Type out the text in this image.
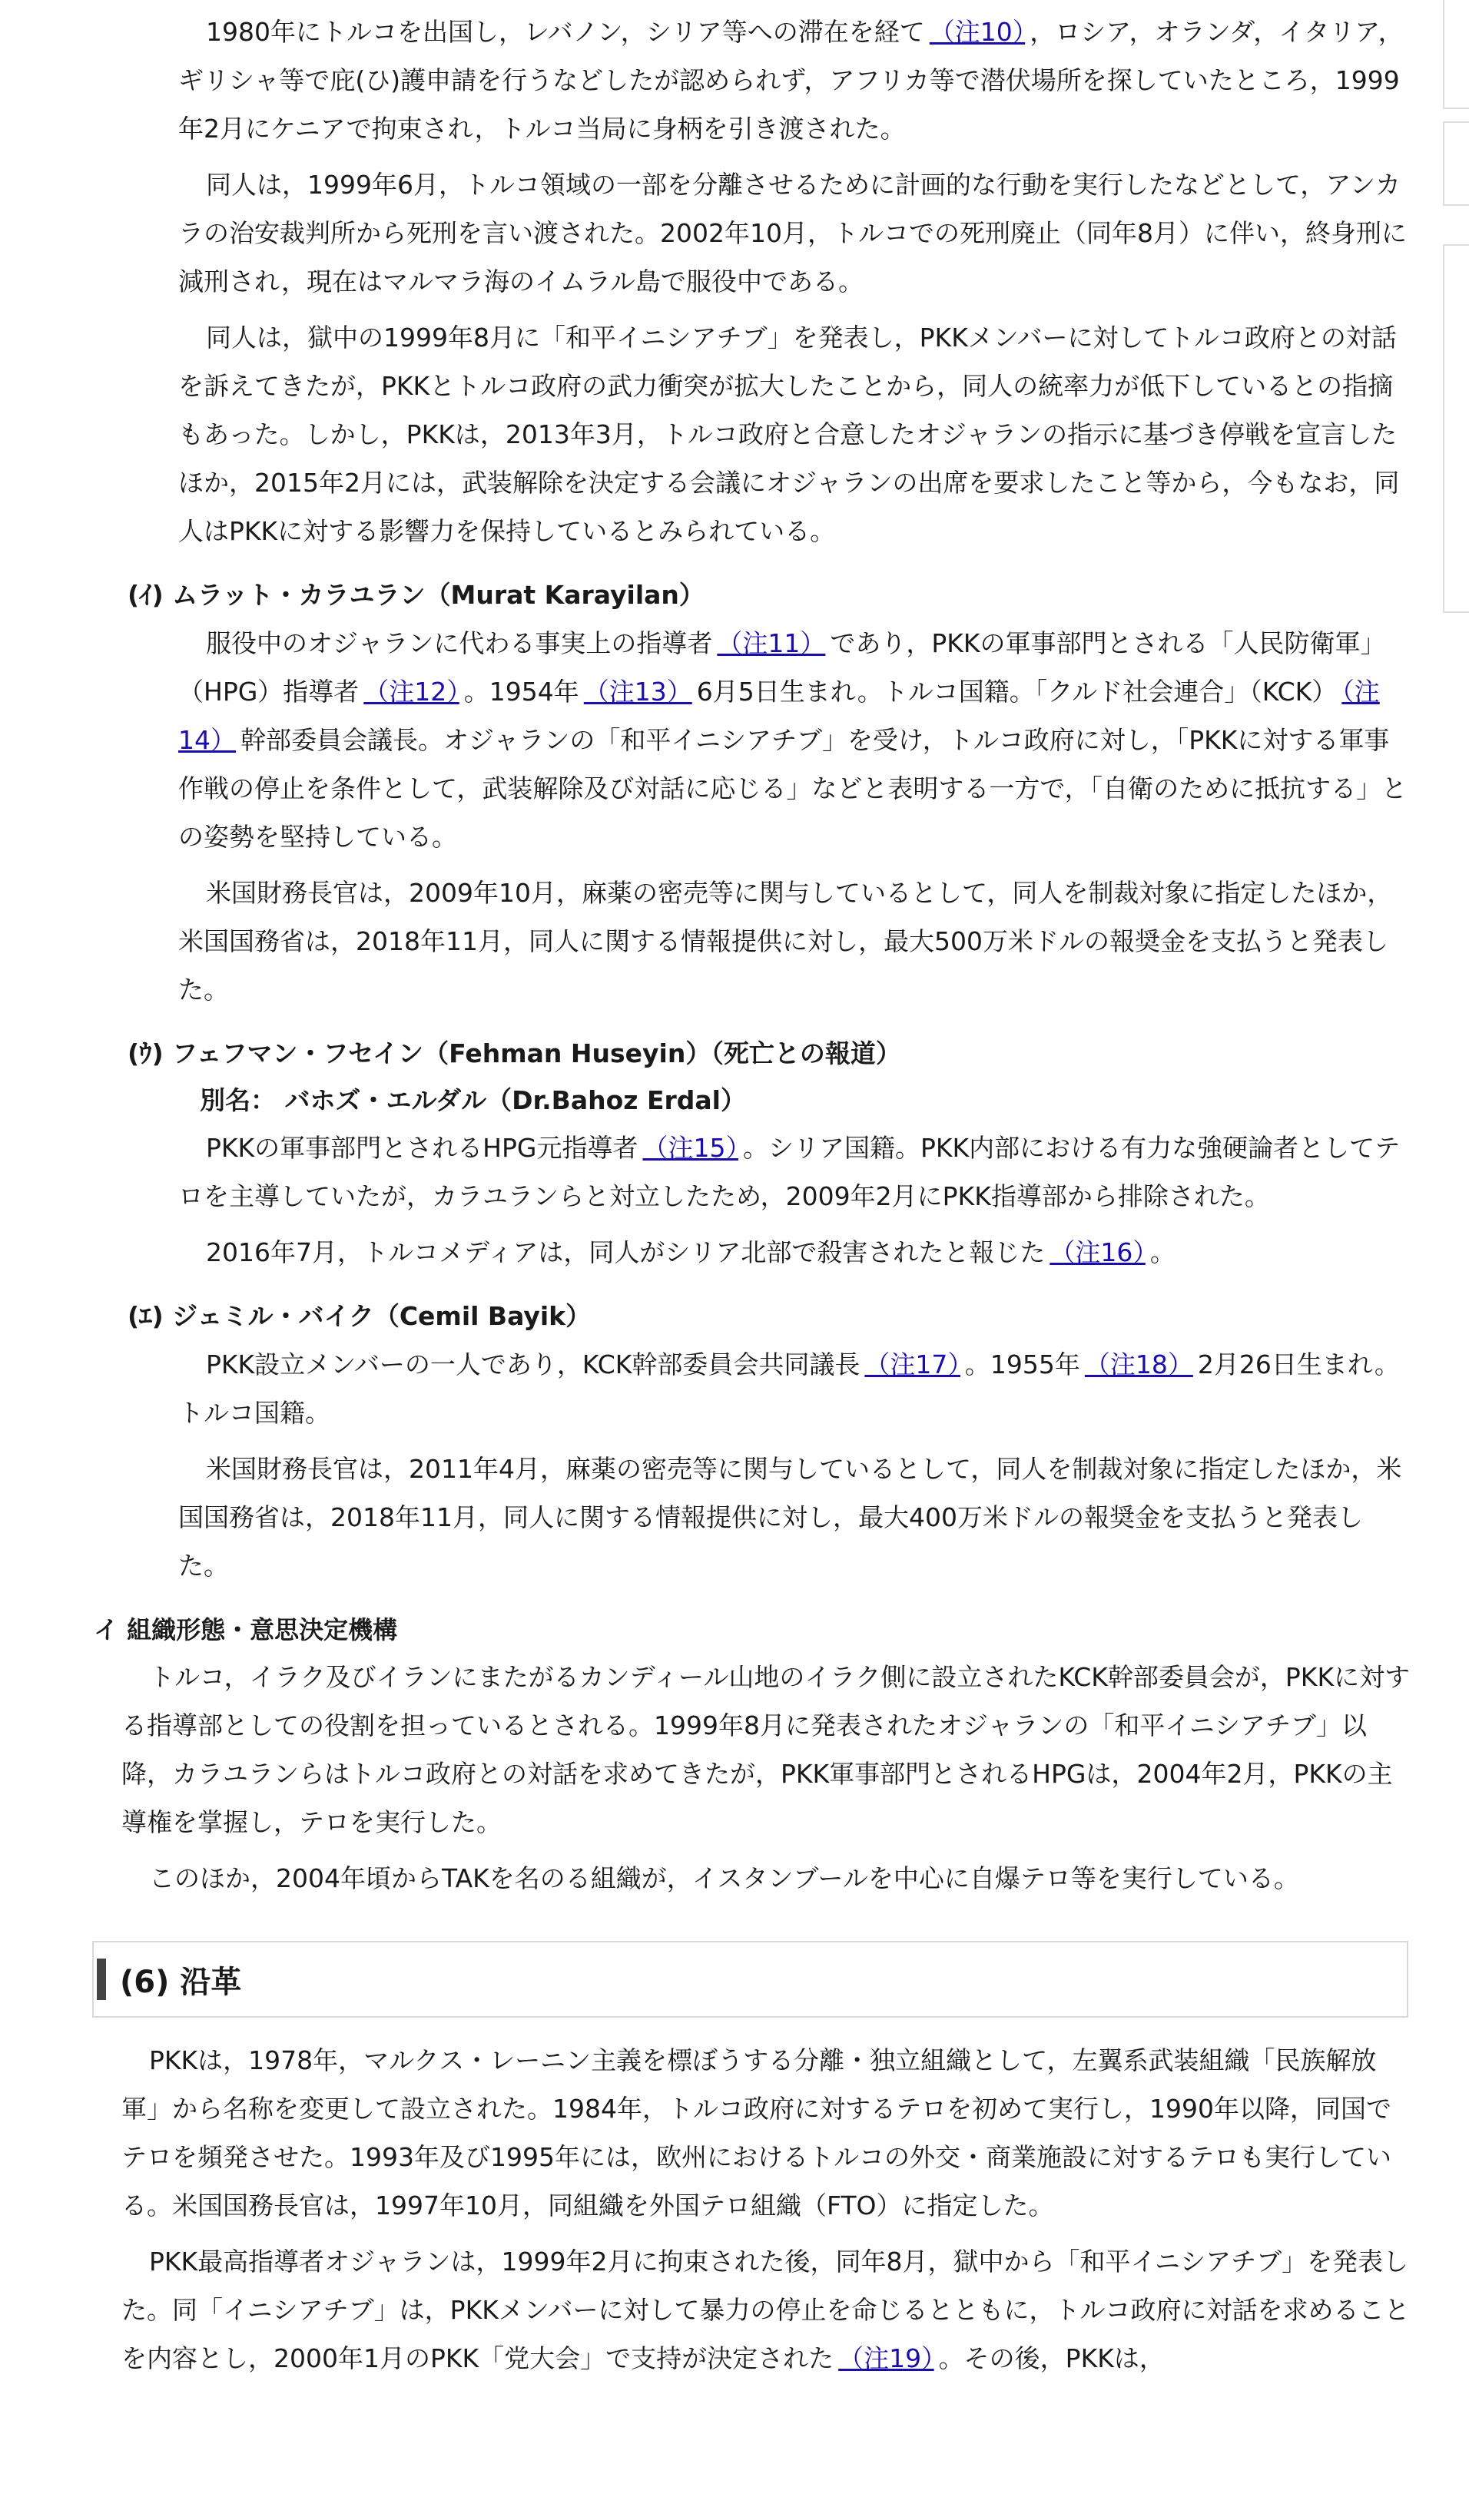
1980年にトルコを出国し，レバノン，シリア等への滞在を経て （注10） ，ロシア，オランダ，イタリア，ギリシャ等で庇(ひ)護申請を行うなどしたが認められず，アフリカ等で潜伏場所を探していたところ，1999年2月にケニアで拘束され，トルコ当局に身柄を引き渡された。

同人は，1999年6月，トルコ領域の一部を分離させるために計画的な行動を実行したなどとして，アンカラの治安裁判所から死刑を言い渡された。2002年10月，トルコでの死刑廃止（同年8月）に伴い，終身刑に減刑され，現在はマルマラ海のイムラル島で服役中である。

同人は，獄中の1999年8月に「和平イニシアチブ」を発表し，PKKメンバーに対してトルコ政府との対話を訴えてきたが，PKKとトルコ政府の武力衝突が拡大したことから，同人の統率力が低下しているとの指摘もあった。しかし，PKKは，2013年3月，トルコ政府と合意したオジャランの指示に基づき停戦を宣言したほか，2015年2月には，武装解除を決定する会議にオジャランの出席を要求したこと等から，今もなお，同人はPKKに対する影響力を保持しているとみられている。

(ｲ) ムラット・カラユラン（Murat Karayilan）

服役中のオジャランに代わる事実上の指導者 （注11） であり，PKKの軍事部門とされる「人民防衛軍」（HPG）指導者 （注12） 。1954年 （注13） 6月5日生まれ。トルコ国籍。「クルド社会連合」（KCK） （注14） 幹部委員会議長。オジャランの「和平イニシアチブ」を受け，トルコ政府に対し，「PKKに対する軍事作戦の停止を条件として，武装解除及び対話に応じる」などと表明する一方で，「自衛のために抵抗する」との姿勢を堅持している。

米国財務長官は，2009年10月，麻薬の密売等に関与しているとして，同人を制裁対象に指定したほか，米国国務省は，2018年11月，同人に関する情報提供に対し，最大500万米ドルの報奨金を支払うと発表した。

(ｳ) フェフマン・フセイン（Fehman Huseyin）（死亡との報道）
別名： バホズ・エルダル（Dr.Bahoz Erdal）

PKKの軍事部門とされるHPG元指導者 （注15） 。シリア国籍。PKK内部における有力な強硬論者としてテロを主導していたが，カラユランらと対立したため，2009年2月にPKK指導部から排除された。

2016年7月，トルコメディアは，同人がシリア北部で殺害されたと報じた （注16） 。

(ｴ) ジェミル・バイク（Cemil Bayik）

PKK設立メンバーの一人であり，KCK幹部委員会共同議長 （注17） 。1955年 （注18） 2月26日生まれ。トルコ国籍。

米国財務長官は，2011年4月，麻薬の密売等に関与しているとして，同人を制裁対象に指定したほか，米国国務省は，2018年11月，同人に関する情報提供に対し，最大400万米ドルの報奨金を支払うと発表した。

イ 組織形態・意思決定機構

トルコ，イラク及びイランにまたがるカンディール山地のイラク側に設立されたKCK幹部委員会が，PKKに対する指導部としての役割を担っているとされる。1999年8月に発表されたオジャランの「和平イニシアチブ」以降，カラユランらはトルコ政府との対話を求めてきたが，PKK軍事部門とされるHPGは，2004年2月，PKKの主導権を掌握し，テロを実行した。

このほか，2004年頃からTAKを名のる組織が，イスタンブールを中心に自爆テロ等を実行している。

(6) 沿革

PKKは，1978年，マルクス・レーニン主義を標ぼうする分離・独立組織として，左翼系武装組織「民族解放軍」から名称を変更して設立された。1984年，トルコ政府に対するテロを初めて実行し，1990年以降，同国でテロを頻発させた。1993年及び1995年には，欧州におけるトルコの外交・商業施設に対するテロも実行している。米国国務長官は，1997年10月，同組織を外国テロ組織（FTO）に指定した。

PKK最高指導者オジャランは，1999年2月に拘束された後，同年8月，獄中から「和平イニシアチブ」を発表した。同「イニシアチブ」は，PKKメンバーに対して暴力の停止を命じるとともに，トルコ政府に対話を求めることを内容とし，2000年1月のPKK「党大会」で支持が決定された （注19） 。その後，PKKは，
